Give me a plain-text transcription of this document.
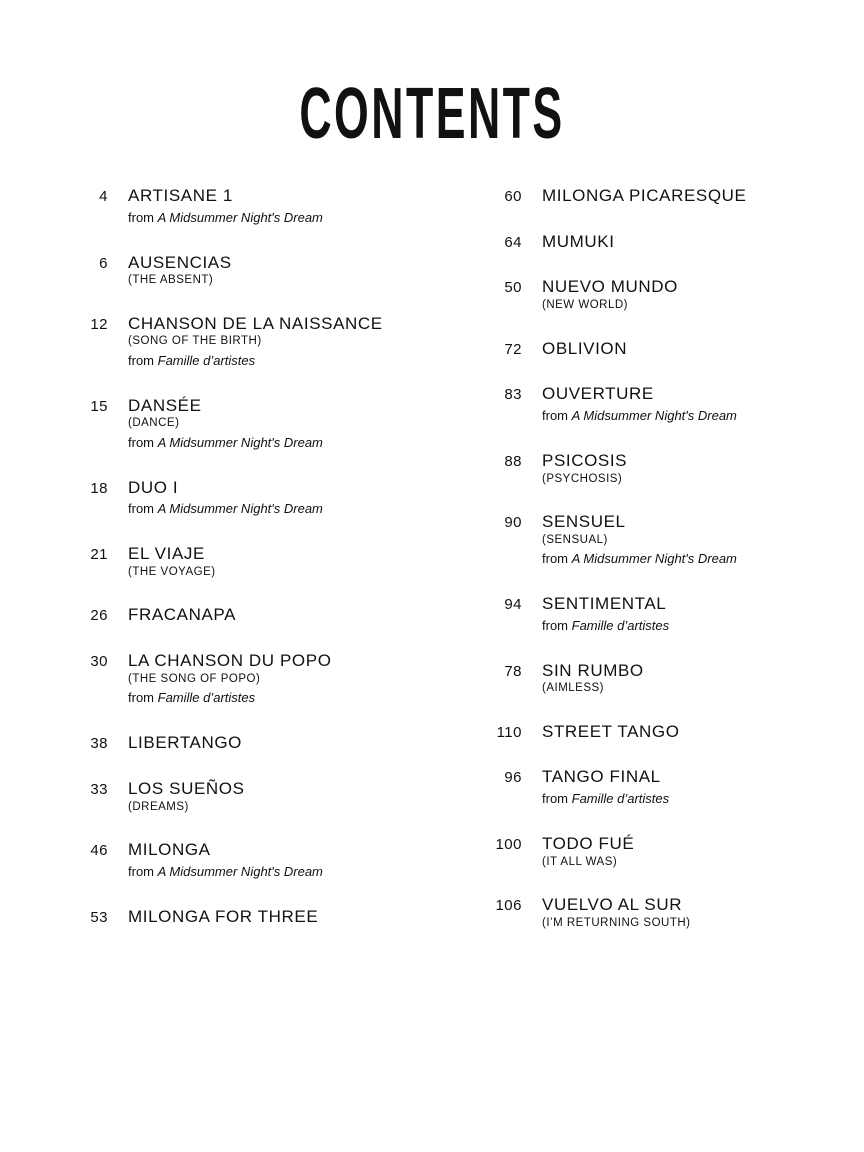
CONTENTS
4 ARTISANE 1
from A Midsummer Night's Dream
6 AUSENCIAS
(THE ABSENT)
12 CHANSON DE LA NAISSANCE
(SONG OF THE BIRTH)
from Famille d’artistes
15 DANSÉE
(DANCE)
from A Midsummer Night's Dream
18 DUO I
from A Midsummer Night's Dream
21 EL VIAJE
(THE VOYAGE)
26 FRACANAPA
30 LA CHANSON DU POPO
(THE SONG OF POPO)
from Famille d’artistes
38 LIBERTANGO
33 LOS SUEÑOS
(DREAMS)
46 MILONGA
from A Midsummer Night's Dream
53 MILONGA FOR THREE
60 MILONGA PICARESQUE
64 MUMUKI
50 NUEVO MUNDO
(NEW WORLD)
72 OBLIVION
83 OUVERTURE
from A Midsummer Night's Dream
88 PSICOSIS
(PSYCHOSIS)
90 SENSUEL
(SENSUAL)
from A Midsummer Night's Dream
94 SENTIMENTAL
from Famille d’artistes
78 SIN RUMBO
(AIMLESS)
110 STREET TANGO
96 TANGO FINAL
from Famille d’artistes
100 TODO FUÉ
(IT ALL WAS)
106 VUELVO AL SUR
(I’M RETURNING SOUTH)
